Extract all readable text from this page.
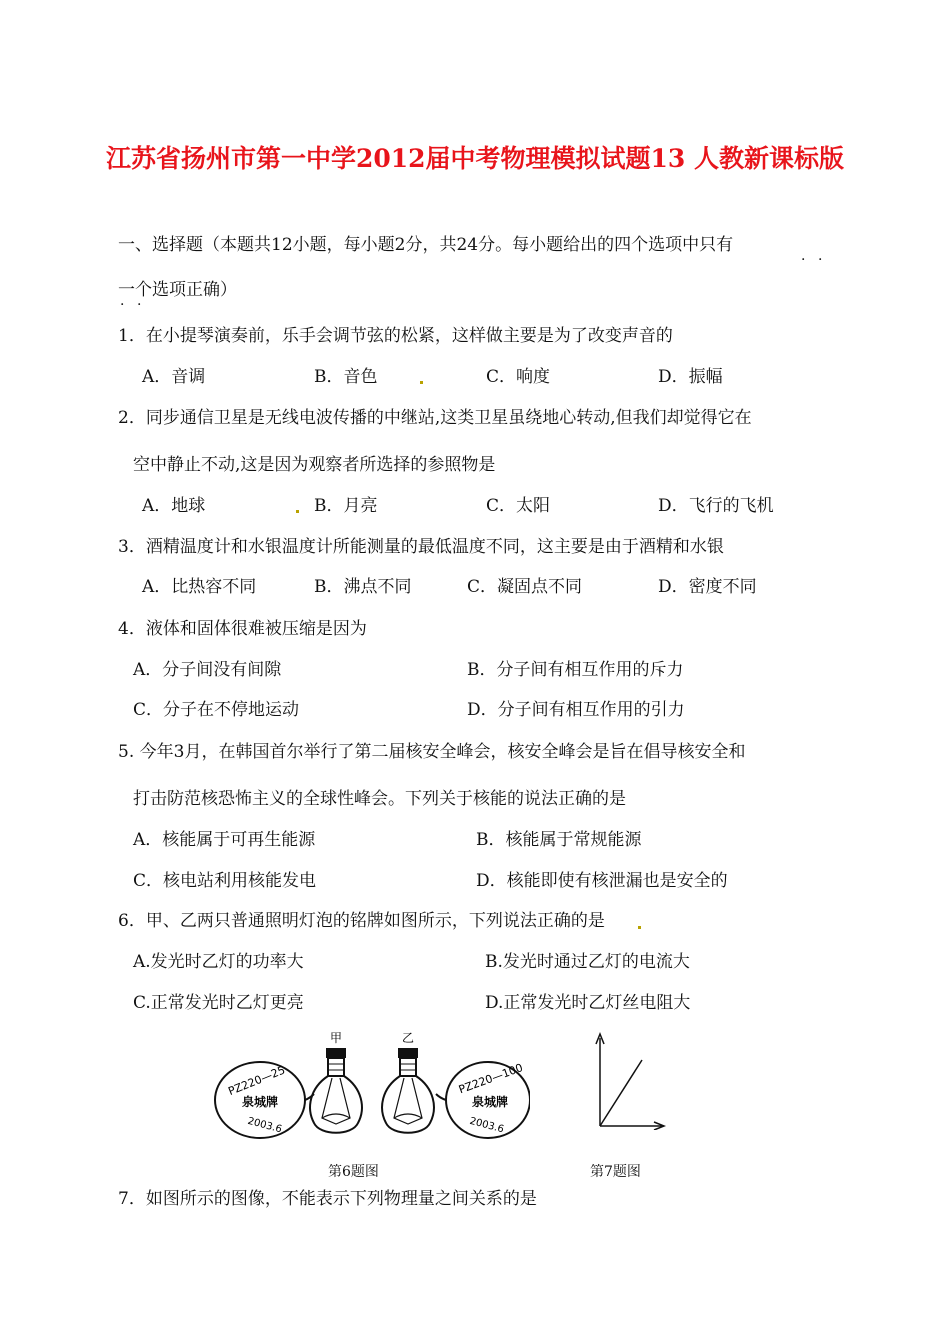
江苏省扬州市第一中学2012届中考物理模拟试题13 人教新课标版
一、选择题（本题共12小题，每小题2分，共24分。每小题给出的四个选项中只有
· ·
一个选项正确）
· ·
1．在小提琴演奏前，乐手会调节弦的松紧，这样做主要是为了改变声音的
A．音调	B．音色	C．响度	D．振幅
2．同步通信卫星是无线电波传播的中继站,这类卫星虽绕地心转动,但我们却觉得它在
空中静止不动,这是因为观察者所选择的参照物是
A．地球	B．月亮	C．太阳	D．飞行的飞机
3．酒精温度计和水银温度计所能测量的最低温度不同，这主要是由于酒精和水银
A．比热容不同	B．沸点不同	C．凝固点不同	D．密度不同
4．液体和固体很难被压缩是因为
A．分子间没有间隙	B．分子间有相互作用的斥力
C．分子在不停地运动	D．分子间有相互作用的引力
5. 今年3月，在韩国首尔举行了第二届核安全峰会，核安全峰会是旨在倡导核安全和
打击防范核恐怖主义的全球性峰会。下列关于核能的说法正确的是
A．核能属于可再生能源	B．核能属于常规能源
C．核电站利用核能发电	D．核能即使有核泄漏也是安全的
6．甲、乙两只普通照明灯泡的铭牌如图所示，下列说法正确的是
A.发光时乙灯的功率大	B.发光时通过乙灯的电流大
C.正常发光时乙灯更亮	D.正常发光时乙灯丝电阻大
PZ220—25
泉城牌
2003.6
甲	乙
PZ220—100
泉城牌
2003.6
第6题图	第7题图
7．如图所示的图像，不能表示下列物理量之间关系的是
